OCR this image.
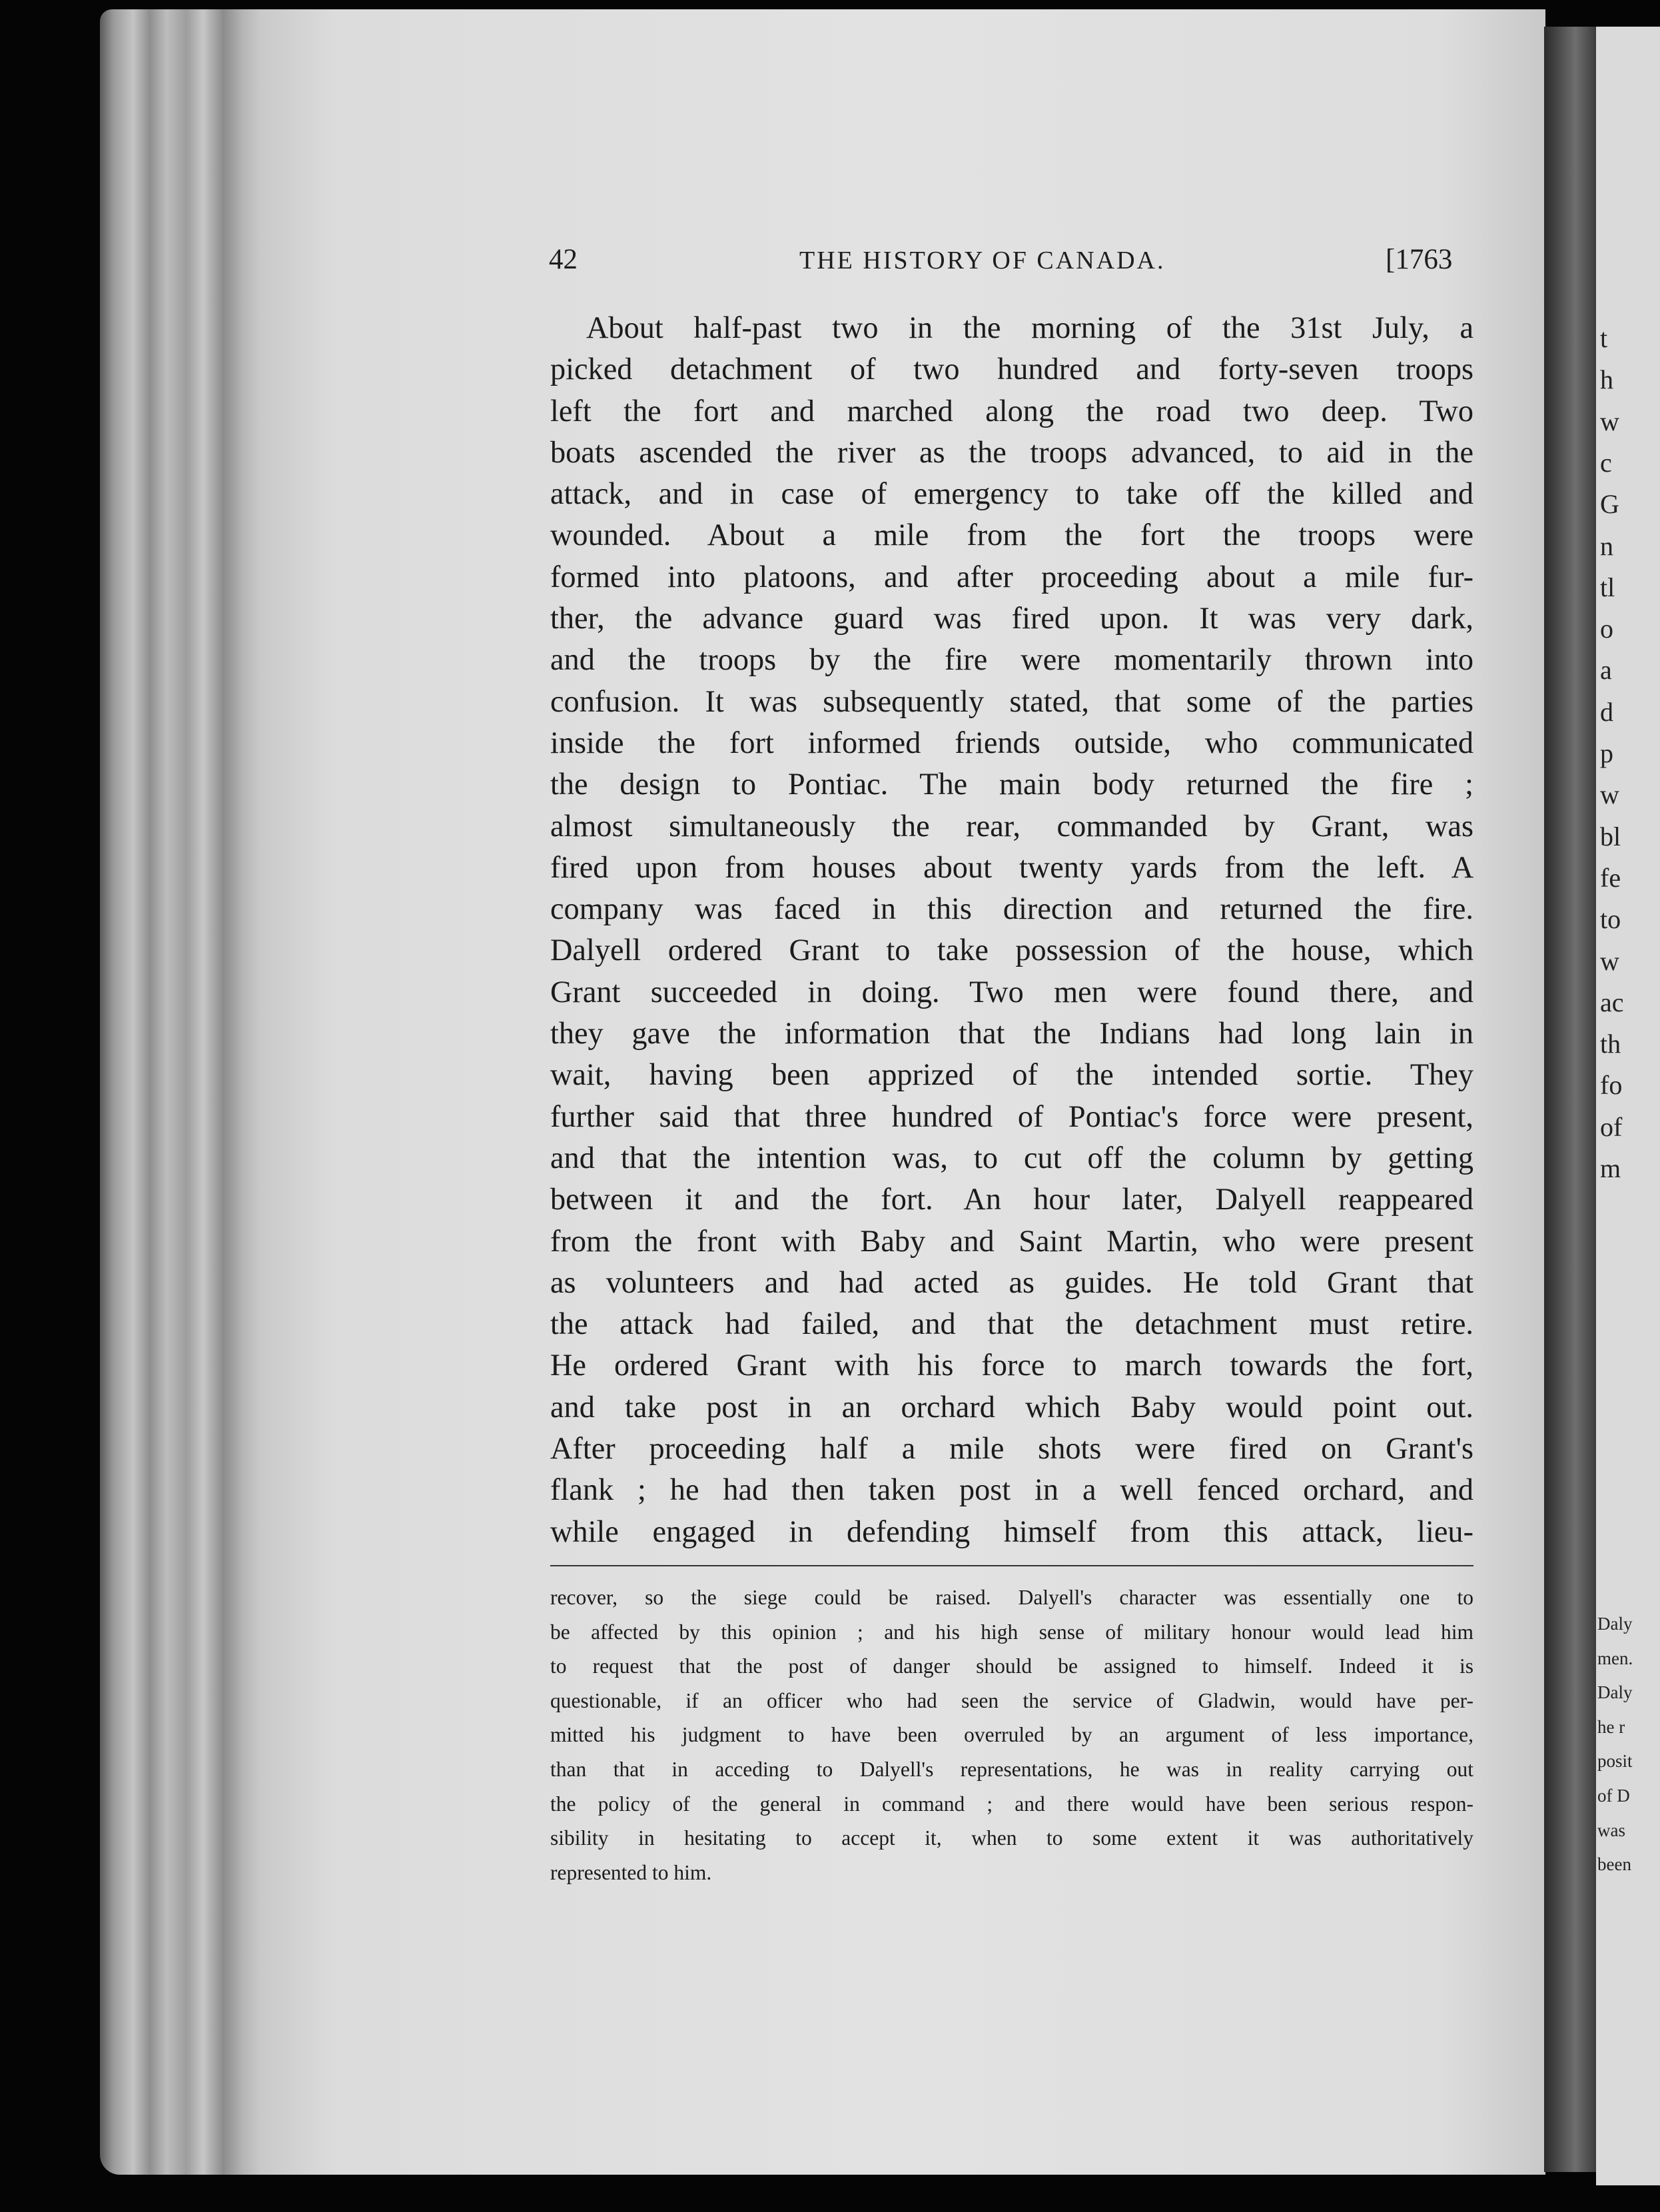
t
h
w
c
G
n
tl
o
a
d
p
w
bl
fe
to
w
ac
th
fo
of
m
Daly
men.
Daly
he r
posit
of D
was
been
42	THE HISTORY OF CANADA.	[1763
About half-past two in the morning of the 31st July, a
picked detachment of two hundred and forty-seven troops
left the fort and marched along the road two deep. Two
boats ascended the river as the troops advanced, to aid in the
attack, and in case of emergency to take off the killed and
wounded. About a mile from the fort the troops were
formed into platoons, and after proceeding about a mile fur-
ther, the advance guard was fired upon. It was very dark,
and the troops by the fire were momentarily thrown into
confusion. It was subsequently stated, that some of the parties
inside the fort informed friends outside, who communicated
the design to Pontiac. The main body returned the fire ;
almost simultaneously the rear, commanded by Grant, was
fired upon from houses about twenty yards from the left. A
company was faced in this direction and returned the fire.
Dalyell ordered Grant to take possession of the house, which
Grant succeeded in doing. Two men were found there, and
they gave the information that the Indians had long lain in
wait, having been apprized of the intended sortie. They
further said that three hundred of Pontiac's force were present,
and that the intention was, to cut off the column by getting
between it and the fort. An hour later, Dalyell reappeared
from the front with Baby and Saint Martin, who were present
as volunteers and had acted as guides. He told Grant that
the attack had failed, and that the detachment must retire.
He ordered Grant with his force to march towards the fort,
and take post in an orchard which Baby would point out.
After proceeding half a mile shots were fired on Grant's
flank ; he had then taken post in a well fenced orchard, and
while engaged in defending himself from this attack, lieu-
recover, so the siege could be raised. Dalyell's character was essentially one to
be affected by this opinion ; and his high sense of military honour would lead him
to request that the post of danger should be assigned to himself. Indeed it is
questionable, if an officer who had seen the service of Gladwin, would have per-
mitted his judgment to have been overruled by an argument of less importance,
than that in acceding to Dalyell's representations, he was in reality carrying out
the policy of the general in command ; and there would have been serious respon-
sibility in hesitating to accept it, when to some extent it was authoritatively
represented to him.
